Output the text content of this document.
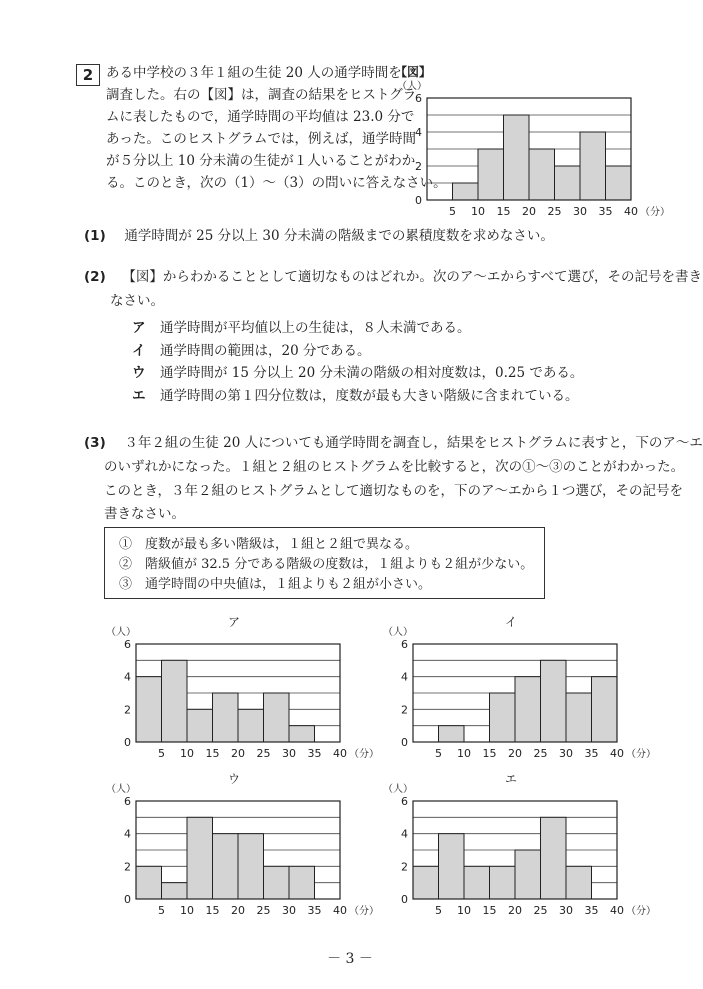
2 ある中学校の３年１組の生徒 20 人の通学時間を
調査した。右の【図】は，調査の結果をヒストグラ
ムに表したもので，通学時間の平均値は 23.0 分で
あった。このヒストグラムでは，例えば，通学時間
が５分以上 10 分未満の生徒が１人いることがわか
る。このとき，次の（1）〜（3）の問いに答えなさい。
【図】
（人）
0
2
4
6
5 10 15 20 25 30 35 40 （分）
(1) 通学時間が 25 分以上 30 分未満の階級までの累積度数を求めなさい。
(2) 【図】からわかることとして適切なものはどれか。次のア〜エからすべて選び，その記号を書き
なさい。
ア 通学時間が平均値以上の生徒は，８人未満である。
イ 通学時間の範囲は，20 分である。
ウ 通学時間が 15 分以上 20 分未満の階級の相対度数は，0.25 である。
エ 通学時間の第１四分位数は，度数が最も大きい階級に含まれている。
(3) ３年２組の生徒 20 人についても通学時間を調査し，結果をヒストグラムに表すと，下のア〜エ
のいずれかになった。１組と２組のヒストグラムを比較すると，次の①〜③のことがわかった。
このとき，３年２組のヒストグラムとして適切なものを，下のア〜エから１つ選び，その記号を
書きなさい。
①　度数が最も多い階級は，１組と２組で異なる。
②　階級値が 32.5 分である階級の度数は，１組よりも２組が少ない。
③　通学時間の中央値は，１組よりも２組が小さい。
ア
（人）
0
2
4
6
5 10 15 20 25 30 35 40 （分）
イ
（人）
0
2
4
6
5 10 15 20 25 30 35 40 （分）
ウ
（人）
0
2
4
6
5 10 15 20 25 30 35 40 （分）
エ
（人）
0
2
4
6
5 10 15 20 25 30 35 40 （分）
－ 3 －
